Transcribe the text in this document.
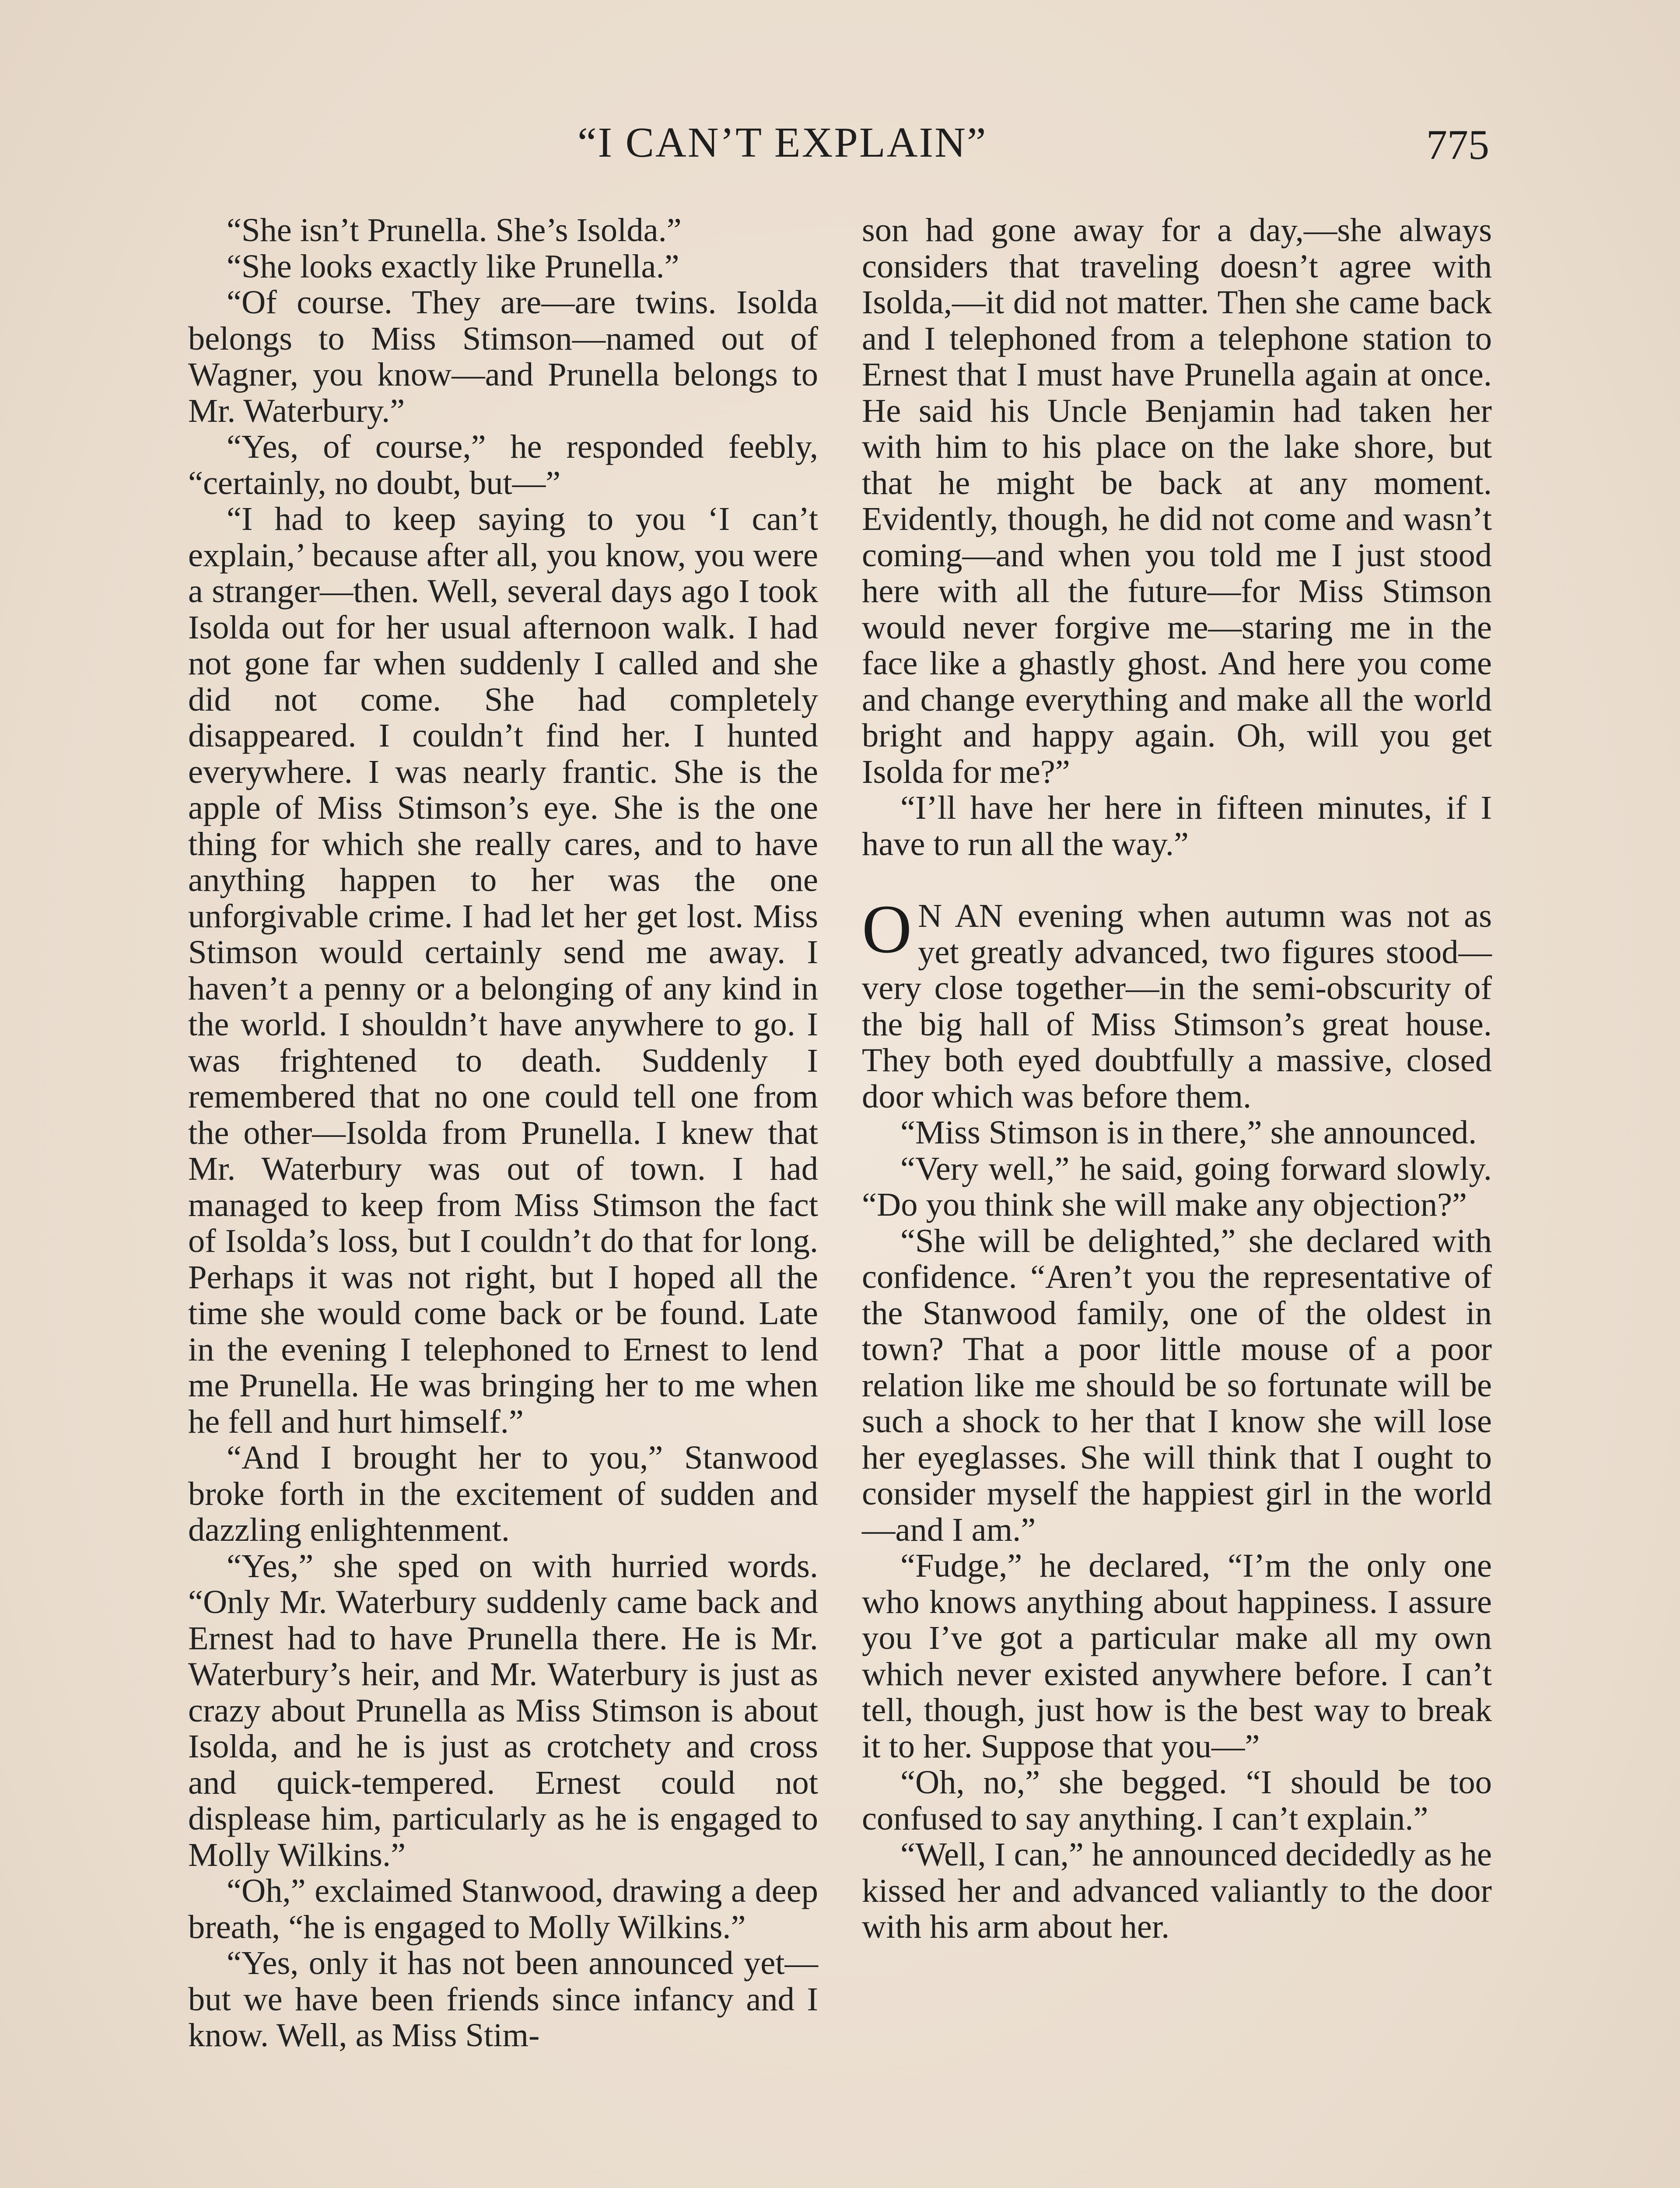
“I CAN’T EXPLAIN”	775

“She isn’t Prunella. She’s Isolda.”

“She looks exactly like Prunella.”

“Of course. They are—are twins. Isolda belongs to Miss Stimson—named out of Wagner, you know—and Prunella belongs to Mr. Waterbury.”

“Yes, of course,” he responded feebly, “certainly, no doubt, but—”

“I had to keep saying to you ‘I can’t explain,’ because after all, you know, you were a stranger—then. Well, several days ago I took Isolda out for her usual afternoon walk. I had not gone far when suddenly I called and she did not come. She had completely disappeared. I couldn’t find her. I hunted everywhere. I was nearly frantic. She is the apple of Miss Stimson’s eye. She is the one thing for which she really cares, and to have anything happen to her was the one unforgivable crime. I had let her get lost. Miss Stimson would certainly send me away. I haven’t a penny or a belonging of any kind in the world. I shouldn’t have anywhere to go. I was frightened to death. Suddenly I remembered that no one could tell one from the other—Isolda from Prunella. I knew that Mr. Waterbury was out of town. I had managed to keep from Miss Stimson the fact of Isolda’s loss, but I couldn’t do that for long. Perhaps it was not right, but I hoped all the time she would come back or be found. Late in the evening I telephoned to Ernest to lend me Prunella. He was bringing her to me when he fell and hurt himself.”

“And I brought her to you,” Stanwood broke forth in the excitement of sudden and dazzling enlightenment.

“Yes,” she sped on with hurried words. “Only Mr. Waterbury suddenly came back and Ernest had to have Prunella there. He is Mr. Waterbury’s heir, and Mr. Waterbury is just as crazy about Prunella as Miss Stimson is about Isolda, and he is just as crotchety and cross and quick-tempered. Ernest could not displease him, particularly as he is engaged to Molly Wilkins.”

“Oh,” exclaimed Stanwood, drawing a deep breath, “he is engaged to Molly Wilkins.”

“Yes, only it has not been announced yet—but we have been friends since infancy and I know. Well, as Miss Stim-

son had gone away for a day,—she always considers that traveling doesn’t agree with Isolda,—it did not matter. Then she came back and I telephoned from a telephone station to Ernest that I must have Prunella again at once. He said his Uncle Benjamin had taken her with him to his place on the lake shore, but that he might be back at any moment. Evidently, though, he did not come and wasn’t coming—and when you told me I just stood here with all the future—for Miss Stimson would never forgive me—staring me in the face like a ghastly ghost. And here you come and change everything and make all the world bright and happy again. Oh, will you get Isolda for me?”

“I’ll have her here in fifteen minutes, if I have to run all the way.”

O N AN evening when autumn was not as yet greatly advanced, two figures stood—very close together—in the semi-obscurity of the big hall of Miss Stimson’s great house. They both eyed doubtfully a massive, closed door which was before them.

“Miss Stimson is in there,” she announced.

“Very well,” he said, going forward slowly. “Do you think she will make any objection?”

“She will be delighted,” she declared with confidence. “Aren’t you the representative of the Stanwood family, one of the oldest in town? That a poor little mouse of a poor relation like me should be so fortunate will be such a shock to her that I know she will lose her eyeglasses. She will think that I ought to consider myself the happiest girl in the world—and I am.”

“Fudge,” he declared, “I’m the only one who knows anything about happiness. I assure you I’ve got a particular make all my own which never existed anywhere before. I can’t tell, though, just how is the best way to break it to her. Suppose that you—”

“Oh, no,” she begged. “I should be too confused to say anything. I can’t explain.”

“Well, I can,” he announced decidedly as he kissed her and advanced valiantly to the door with his arm about her.
